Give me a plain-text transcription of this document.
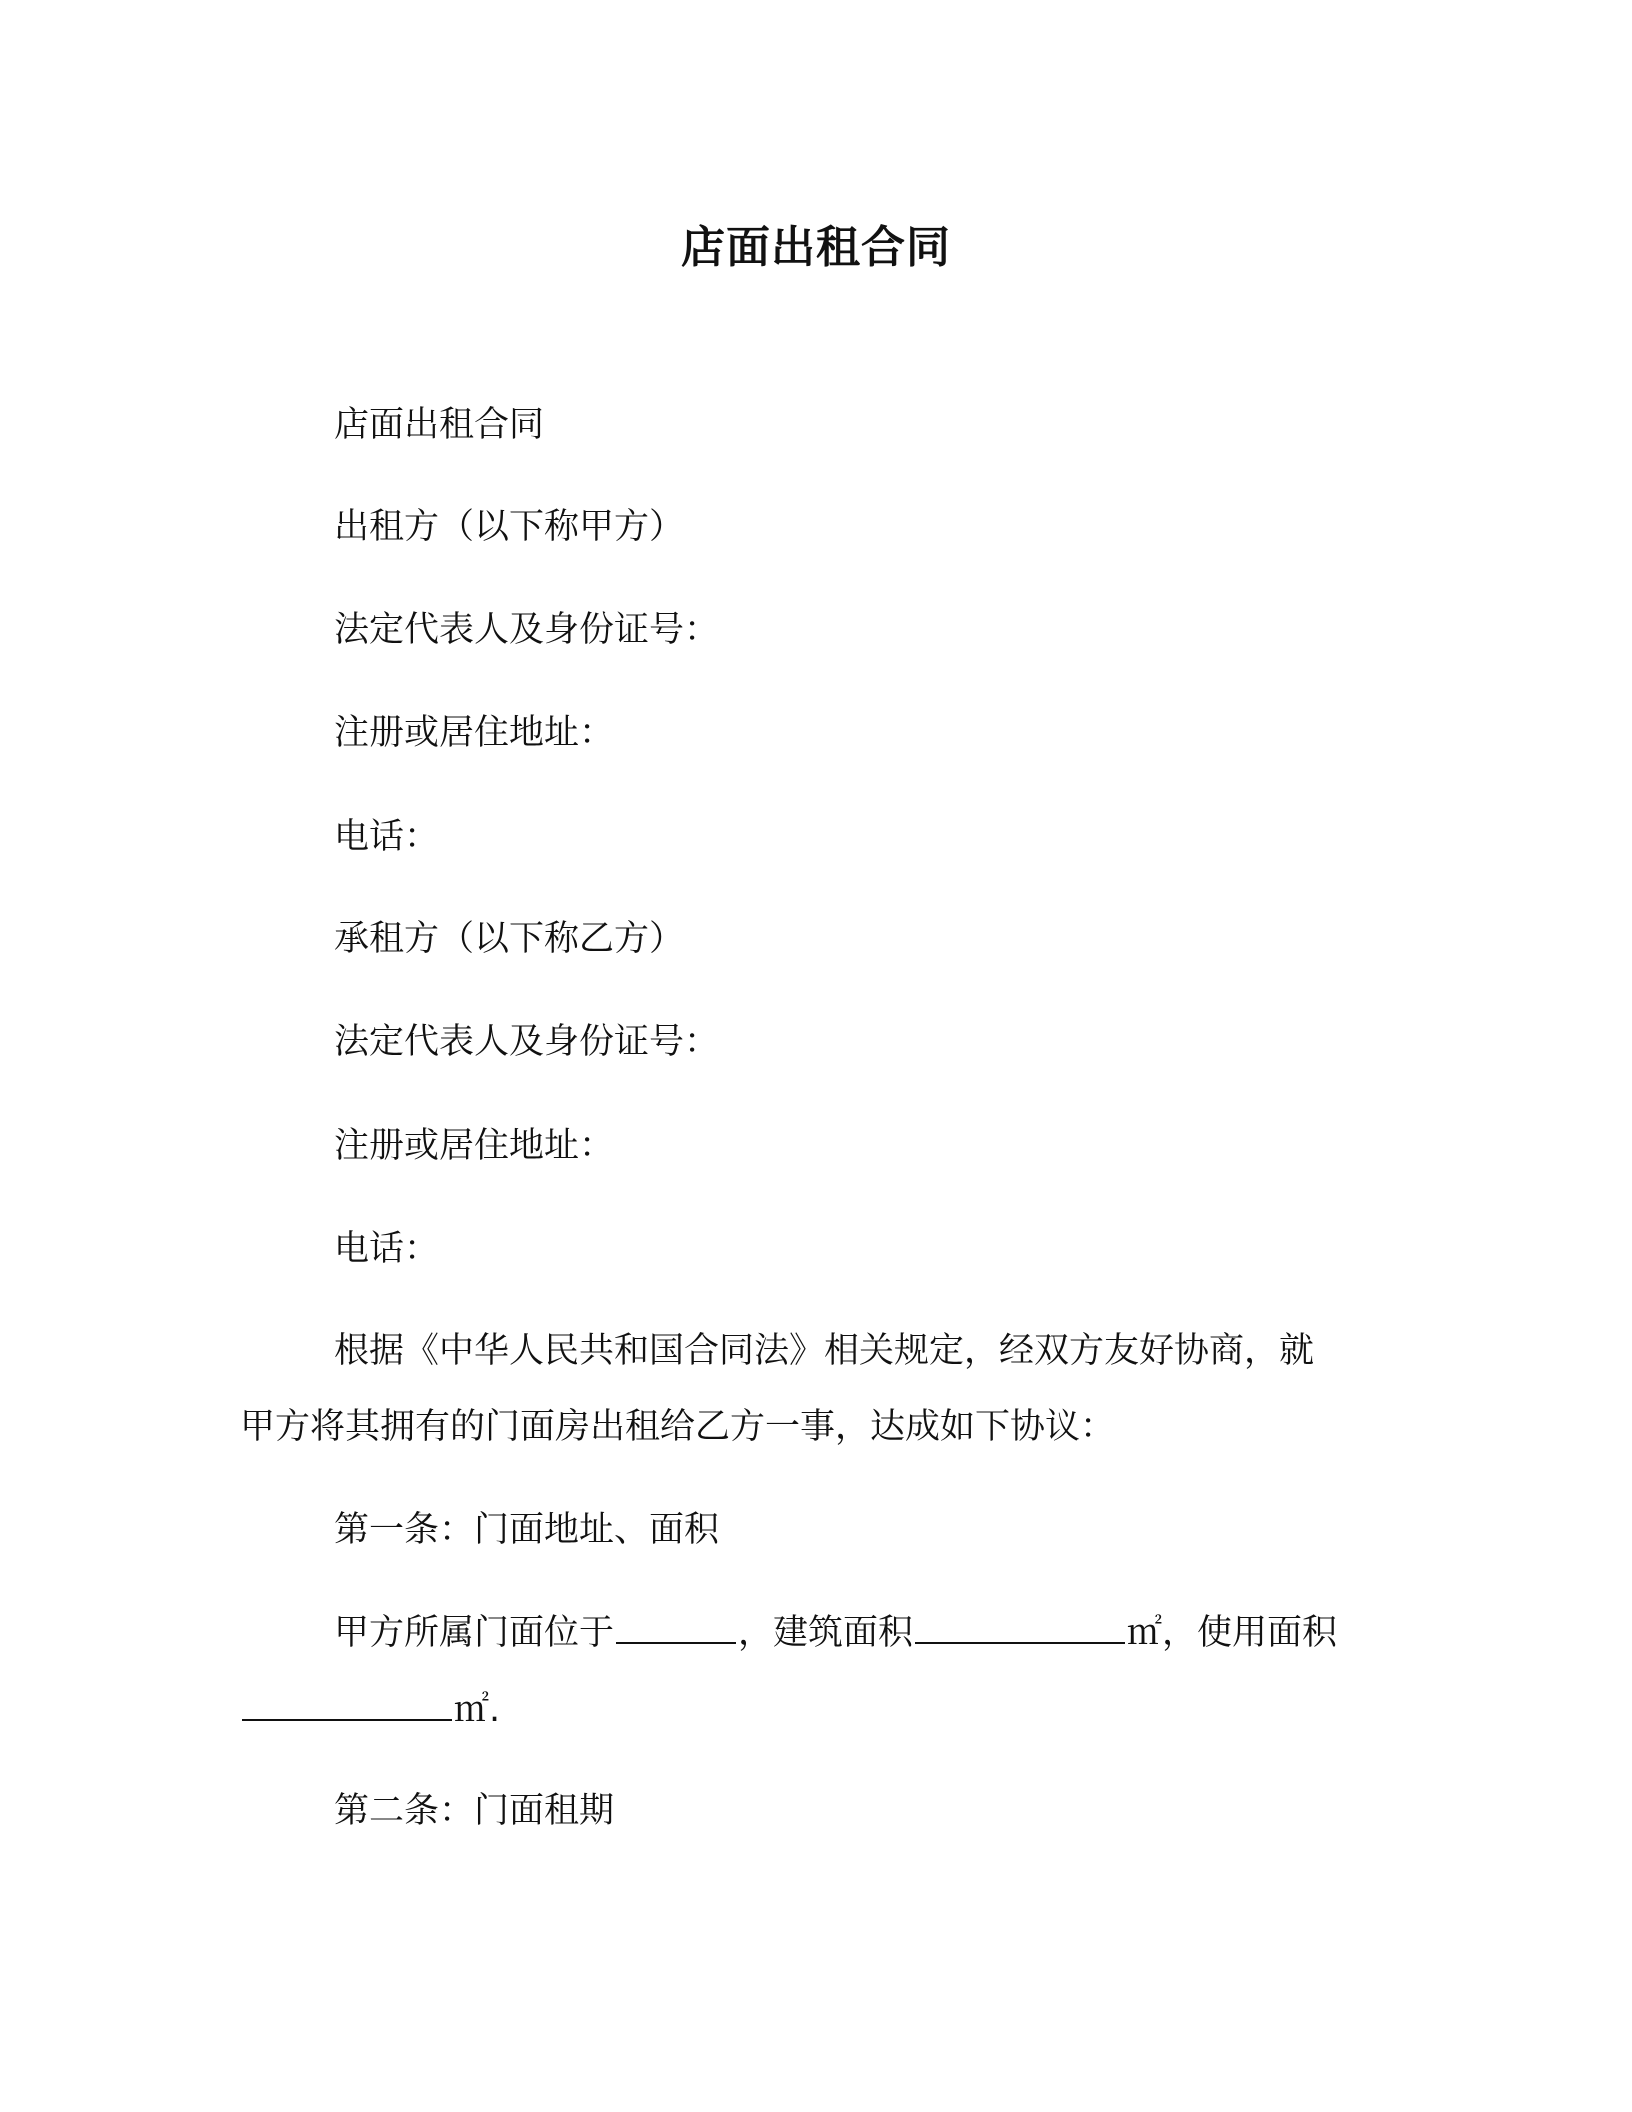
店面出租合同
店面出租合同
出租方（以下称甲方）
法定代表人及身份证号：
注册或居住地址：
电话：
承租方（以下称乙方）
法定代表人及身份证号：
注册或居住地址：
电话：
根据《中华人民共和国合同法》相关规定，经双方友好协商，就
甲方将其拥有的门面房出租给乙方一事，达成如下协议：
第一条：门面地址、面积
甲方所属门面位于	，建筑面积	㎡，使用面积
㎡.
第二条：门面租期
